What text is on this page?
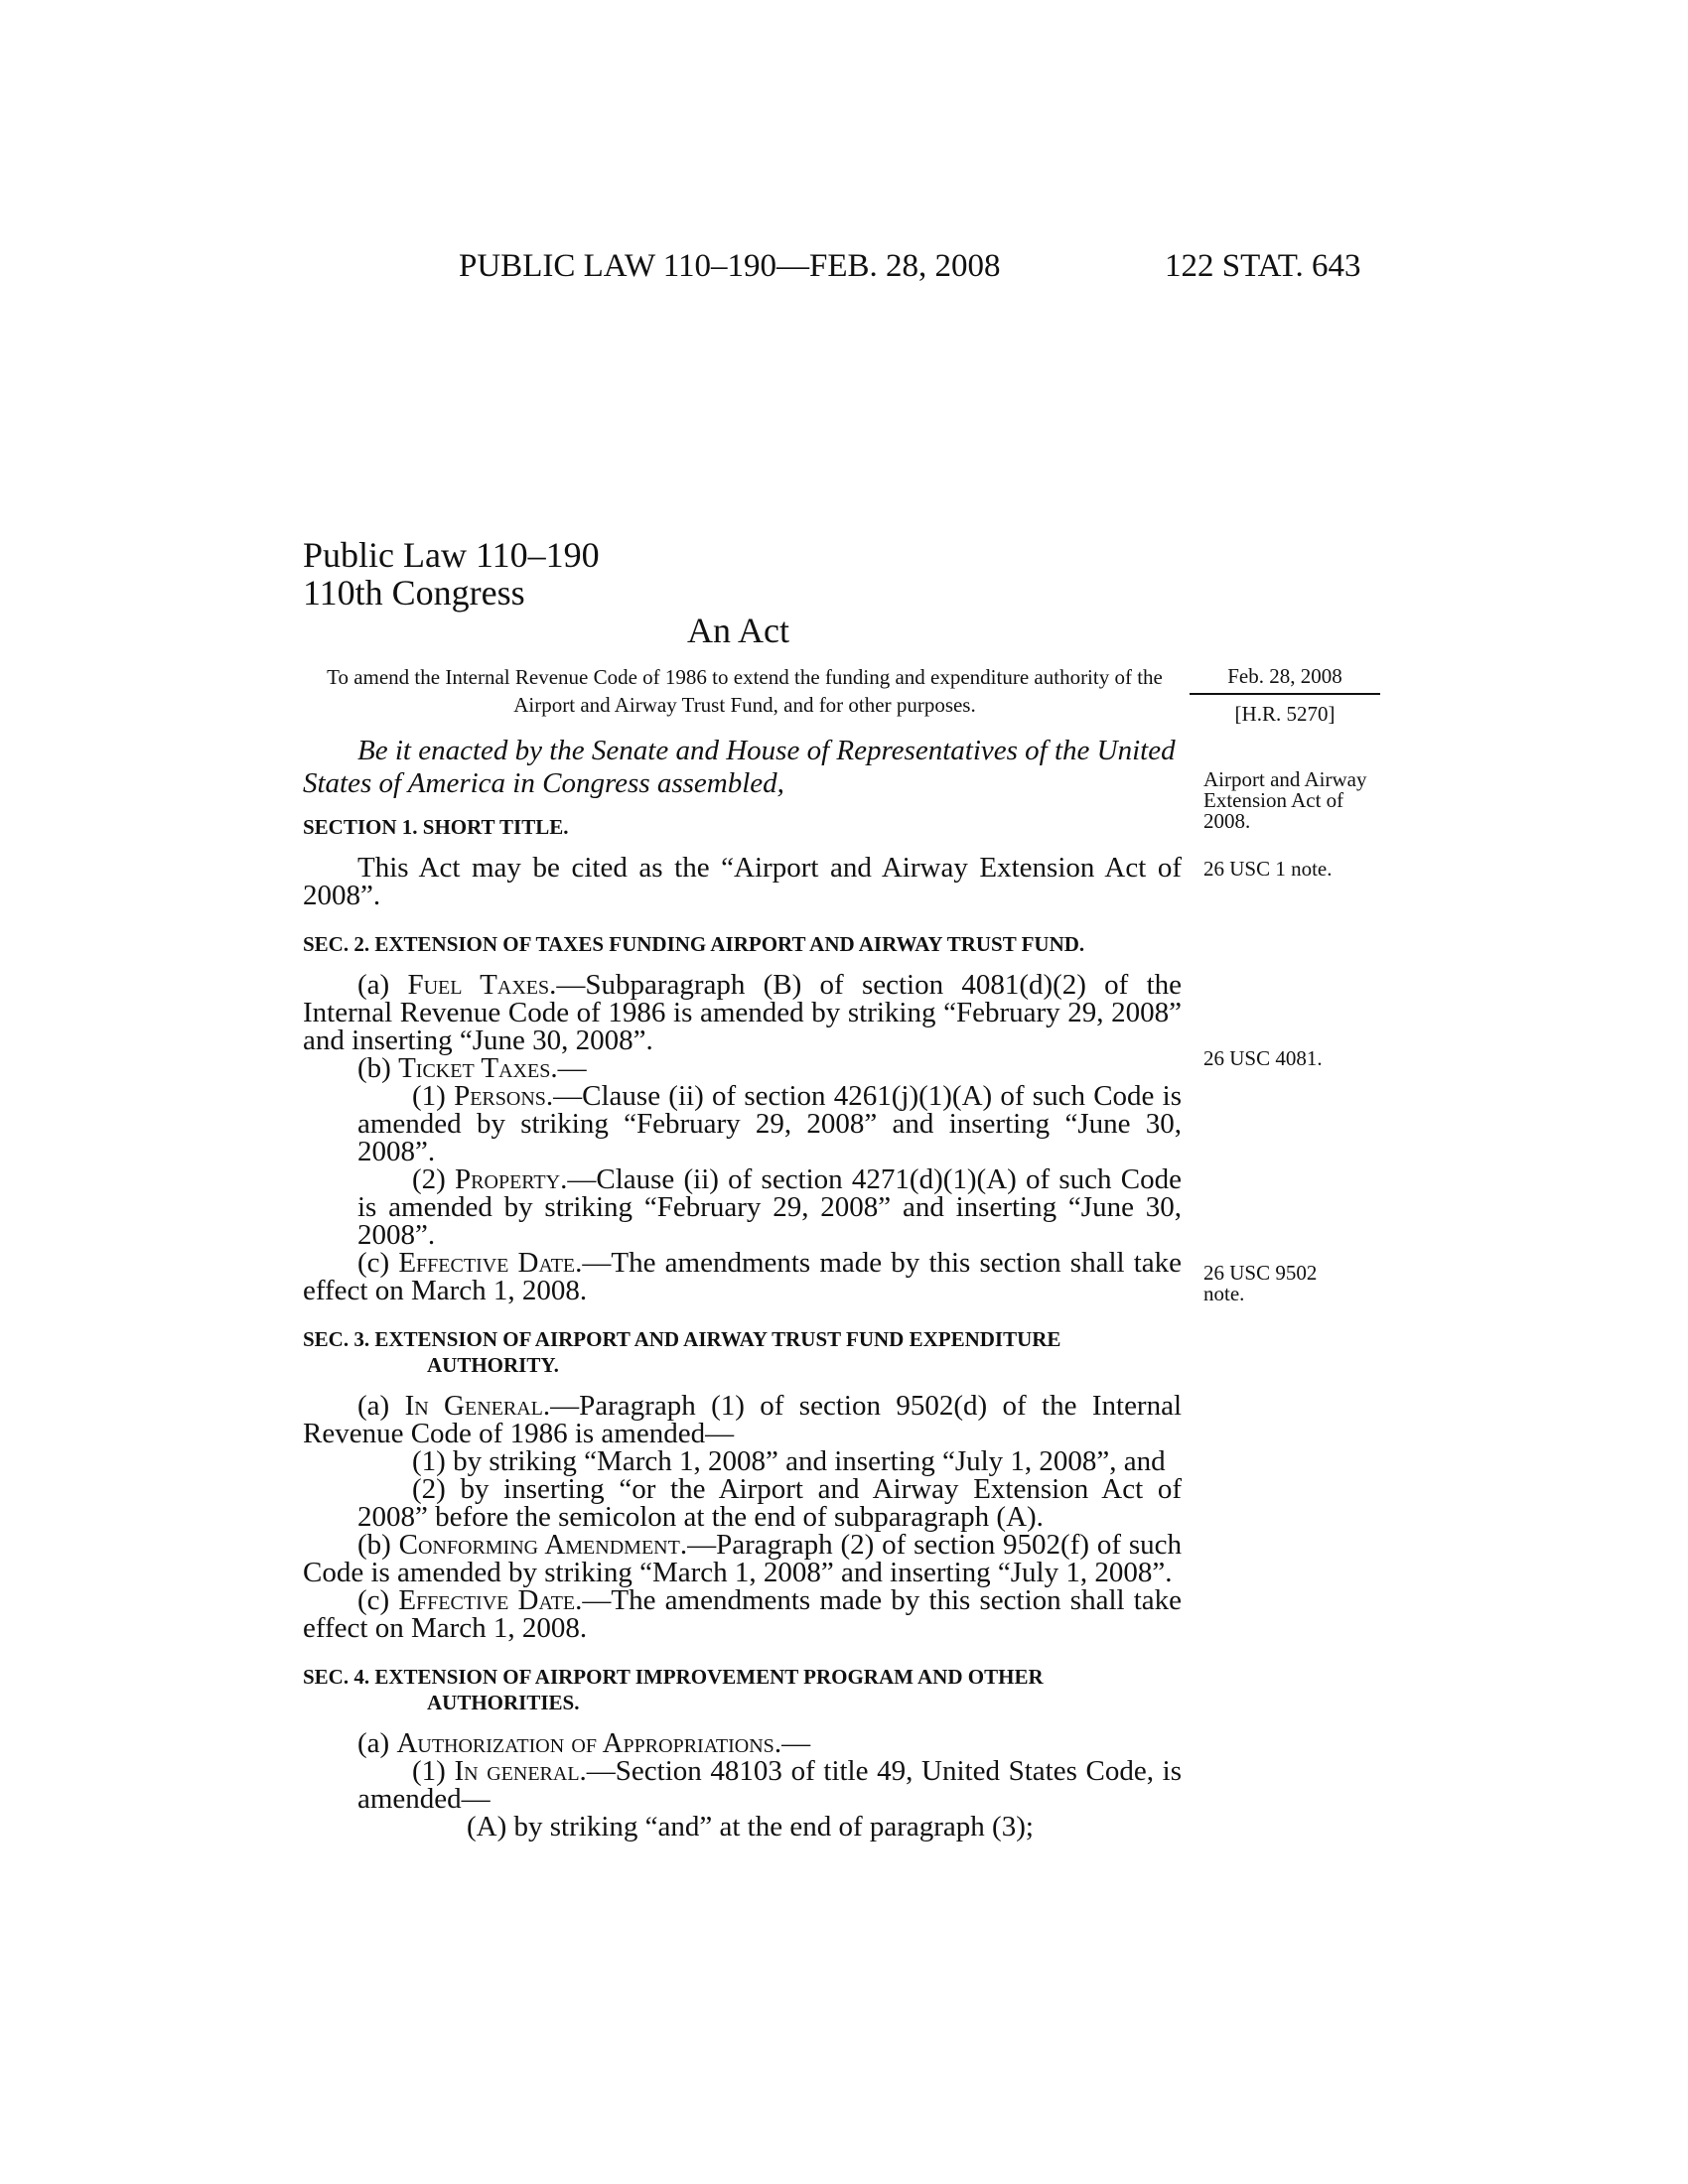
PUBLIC LAW 110–190—FEB. 28, 2008	122 STAT. 643
Public Law 110–190
110th Congress
An Act
To amend the Internal Revenue Code of 1986 to extend the funding and expenditure authority of the Airport and Airway Trust Fund, and for other purposes.
Feb. 28, 2008
[H.R. 5270]
Be it enacted by the Senate and House of Representatives of the United States of America in Congress assembled,

SECTION 1. SHORT TITLE.

This Act may be cited as the “Airport and Airway Extension Act of 2008”.

SEC. 2. EXTENSION OF TAXES FUNDING AIRPORT AND AIRWAY TRUST FUND.

(a) Fuel Taxes.—Subparagraph (B) of section 4081(d)(2) of the Internal Revenue Code of 1986 is amended by striking “February 29, 2008” and inserting “June 30, 2008”.

(b) Ticket Taxes.—

(1) Persons.—Clause (ii) of section 4261(j)(1)(A) of such Code is amended by striking “February 29, 2008” and inserting “June 30, 2008”.

(2) Property.—Clause (ii) of section 4271(d)(1)(A) of such Code is amended by striking “February 29, 2008” and inserting “June 30, 2008”.

(c) Effective Date.—The amendments made by this section shall take effect on March 1, 2008.

SEC. 3. EXTENSION OF AIRPORT AND AIRWAY TRUST FUND EXPENDITURE AUTHORITY.

(a) In General.—Paragraph (1) of section 9502(d) of the Internal Revenue Code of 1986 is amended—

(1) by striking “March 1, 2008” and inserting “July 1, 2008”, and

(2) by inserting “or the Airport and Airway Extension Act of 2008” before the semicolon at the end of subparagraph (A).

(b) Conforming Amendment.—Paragraph (2) of section 9502(f) of such Code is amended by striking “March 1, 2008” and inserting “July 1, 2008”.

(c) Effective Date.—The amendments made by this section shall take effect on March 1, 2008.

SEC. 4. EXTENSION OF AIRPORT IMPROVEMENT PROGRAM AND OTHER AUTHORITIES.

(a) Authorization of Appropriations.—

(1) In general.—Section 48103 of title 49, United States Code, is amended—

(A) by striking “and” at the end of paragraph (3);

Airport and Airway Extension Act of 2008.
26 USC 1 note.
26 USC 4081.
26 USC 9502 note.
